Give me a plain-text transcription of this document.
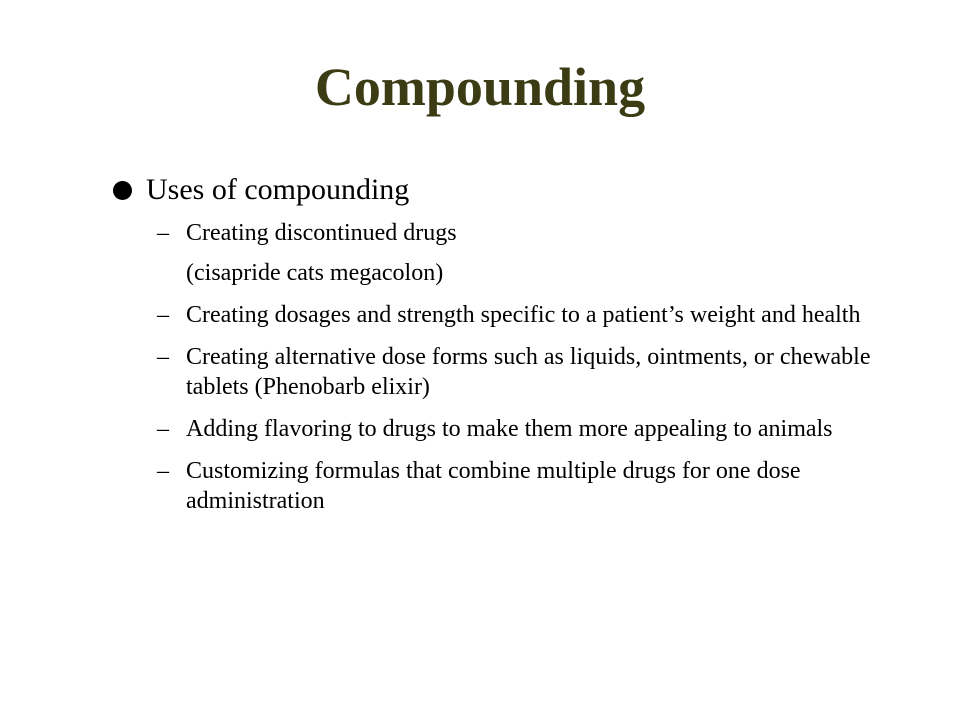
Compounding
Uses of compounding
– Creating discontinued drugs
(cisapride cats megacolon)
– Creating dosages and strength specific to a patient’s weight and health
– Creating alternative dose forms such as liquids, ointments, or chewable tablets (Phenobarb elixir)
– Adding flavoring to drugs to make them more appealing to animals
– Customizing formulas that combine multiple drugs for one dose administration
